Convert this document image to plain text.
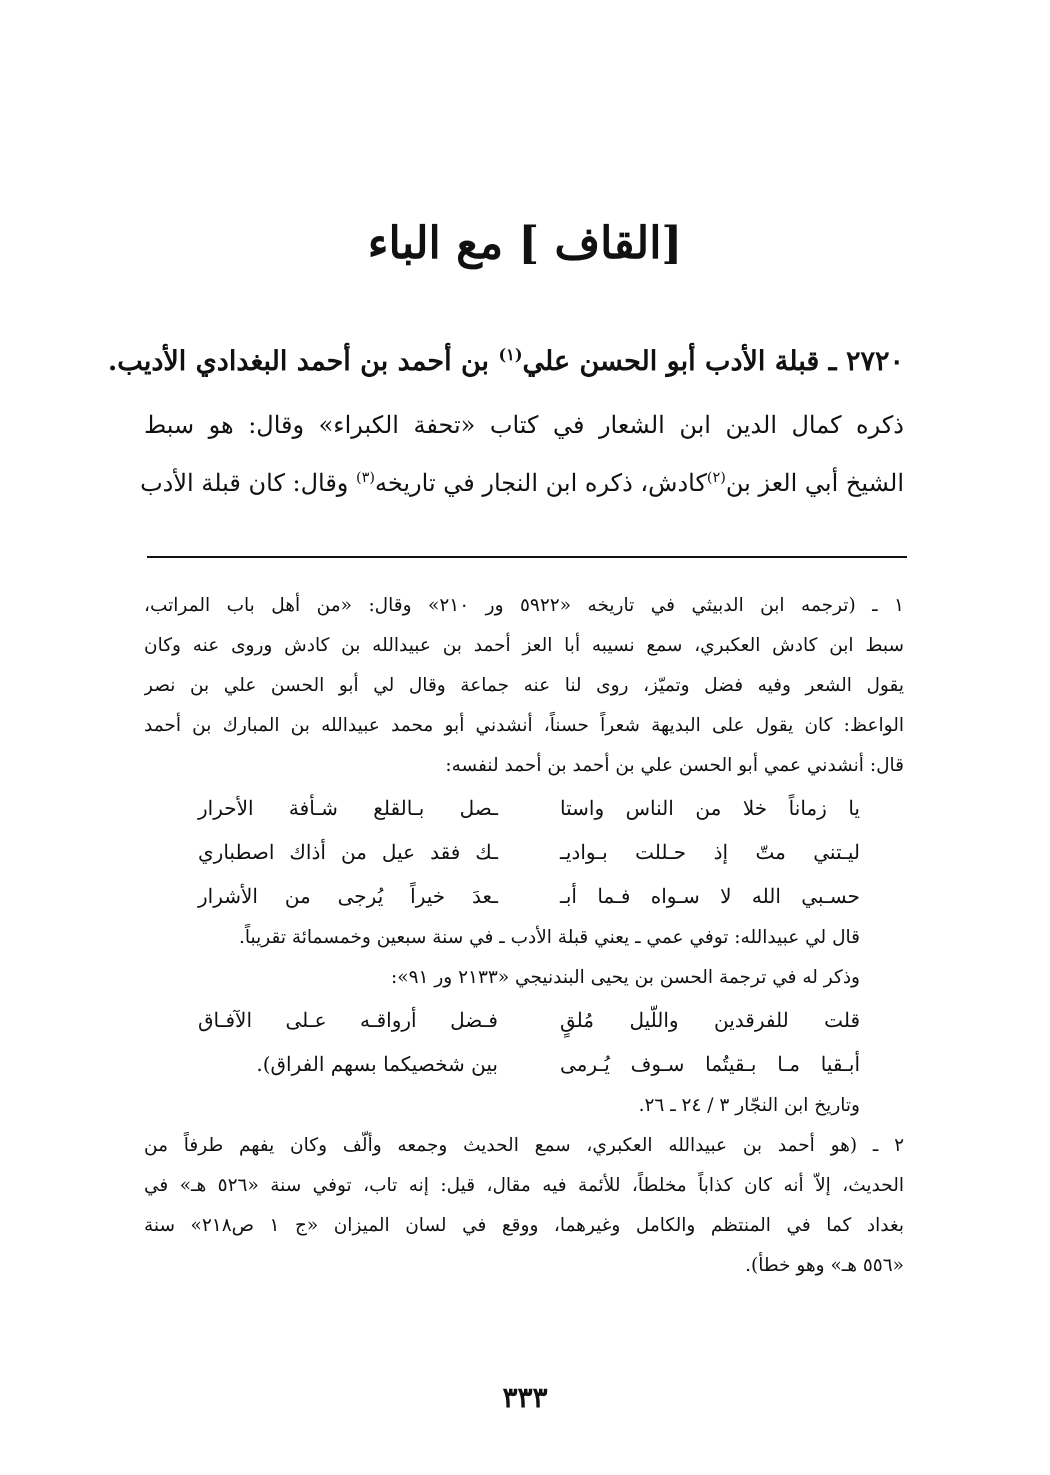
[القاف ] مع الباء
٢٧٢٠ ـ قبلة الأدب أبو الحسن علي$^{(١)}$ بن أحمد بن أحمد البغدادي الأديب.
ذكره كمال الدين ابن الشعار في كتاب «تحفة الكبراء» وقال: هو سبط
الشيخ أبي العز بن$^{(٢)}$كادش، ذكره ابن النجار في تاريخه$^{(٣)}$ وقال: كان قبلة الأدب
١ ـ (ترجمه ابن الدبيثي في تاريخه «٥٩٢٢ ور ٢١٠» وقال: «من أهل باب المراتب،
سبط ابن كادش العكبري، سمع نسيبه أبا العز أحمد بن عبيدالله بن كادش وروى عنه وكان
يقول الشعر وفيه فضل وتميّز، روى لنا عنه جماعة وقال لي أبو الحسن علي بن نصر
الواعظ: كان يقول على البديهة شعراً حسناً، أنشدني أبو محمد عبيدالله بن المبارك بن أحمد
قال: أنشدني عمي أبو الحسن علي بن أحمد بن أحمد لنفسه:
يا زماناً خلا من الناس واستا
ـصل بـالقلع شـأفة الأحرار
ليـتني متّ إذ حـللت بـواديـ
ـك فقد عيل من أذاك اصطباري
حسـبي الله لا سـواه فـما أبـ
ـعدَ خيراً يُرجى من الأشرار
قال لي عبيدالله: توفي عمي ـ يعني قبلة الأدب ـ في سنة سبعين وخمسمائة تقريباً.
وذكر له في ترجمة الحسن بن يحيى البندنيجي «٢١٣٣ ور ٩١»:
قلت للفرقدين واللّيل مُلقٍ
فـضل أرواقـه عـلى الآفـاق
أبـقيا مـا بـقيتُما سـوف يُـرمى
بين شخصيكما بسهم الفراق).
وتاريخ ابن النجّار ٣ / ٢٤ ـ ٢٦.
٢ ـ (هو أحمد بن عبيدالله العكبري، سمع الحديث وجمعه وألّف وكان يفهم طرفاً من
الحديث، إلاّ أنه كان كذاباً مخلطاً، للأئمة فيه مقال، قيل: إنه تاب، توفي سنة «٥٢٦ هـ» في
بغداد كما في المنتظم والكامل وغيرهما، ووقع في لسان الميزان «ج ١ ص٢١٨» سنة
«٥٥٦ هـ» وهو خطأ).
٣٣٣
